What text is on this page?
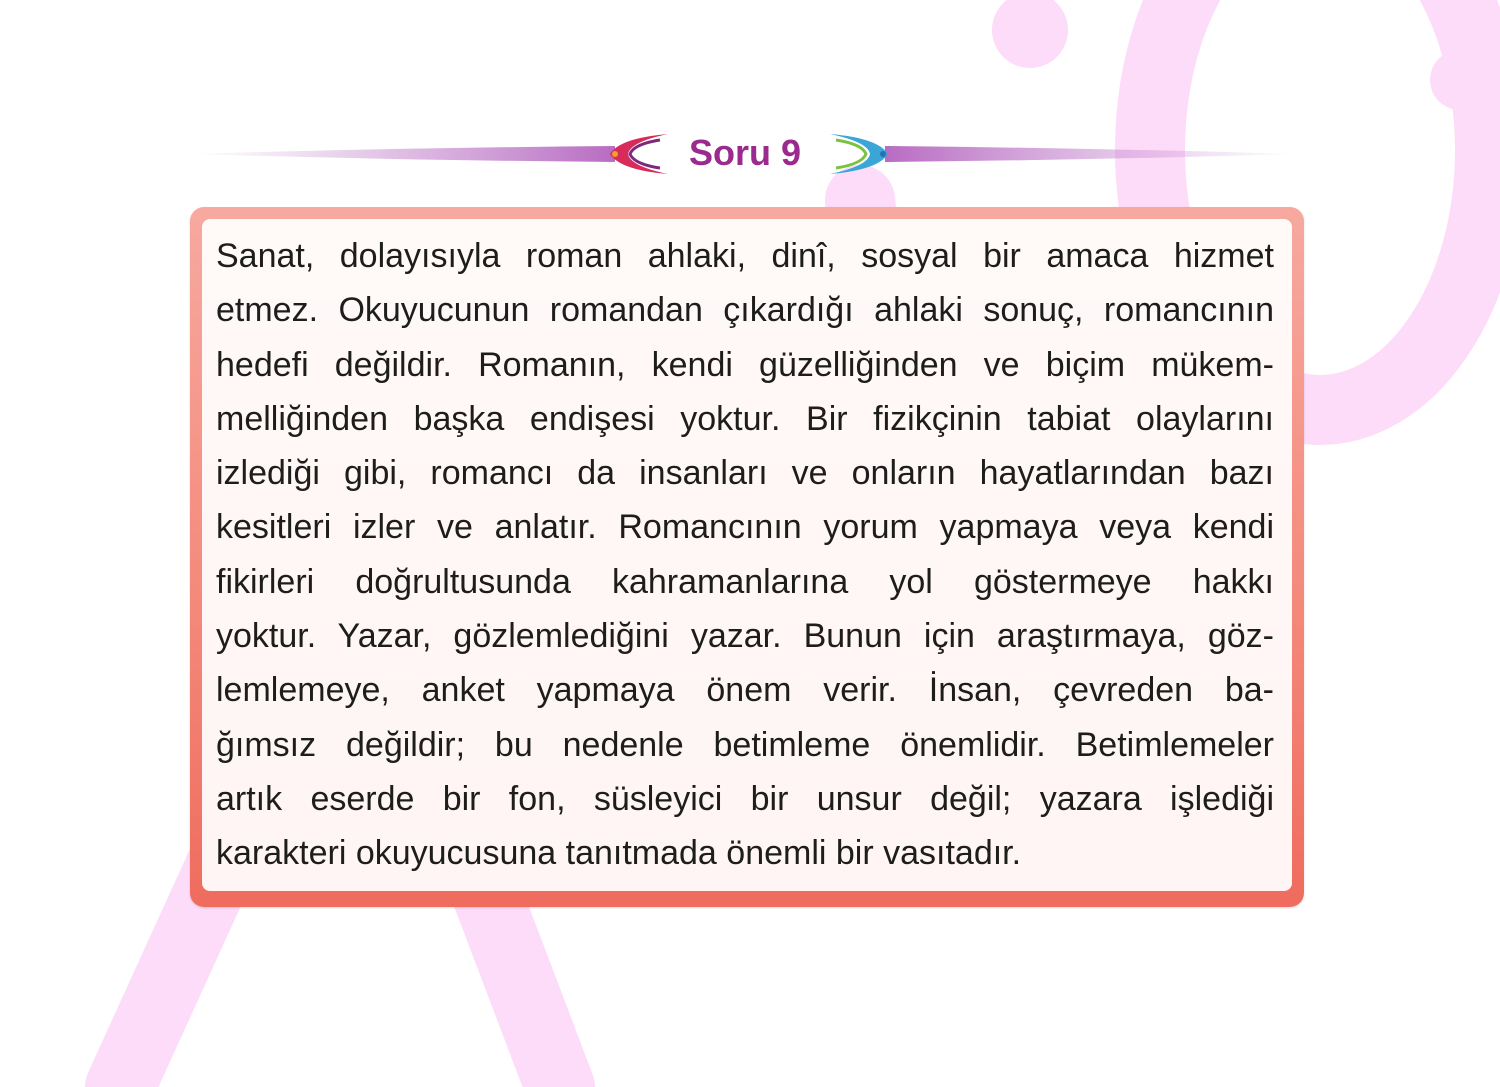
Soru 9
Sanat, dolayısıyla roman ahlaki, dinî, sosyal bir amaca hizmet
etmez. Okuyucunun romandan çıkardığı ahlaki sonuç, romancının
hedefi değildir. Romanın, kendi güzelliğinden ve biçim mükem-
melliğinden başka endişesi yoktur. Bir fizikçinin tabiat olaylarını
izlediği gibi, romancı da insanları ve onların hayatlarından bazı
kesitleri izler ve anlatır. Romancının yorum yapmaya veya kendi
fikirleri doğrultusunda kahramanlarına yol göstermeye hakkı
yoktur. Yazar, gözlemlediğini yazar. Bunun için araştırmaya, göz-
lemlemeye, anket yapmaya önem verir. İnsan, çevreden ba-
ğımsız değildir; bu nedenle betimleme önemlidir. Betimlemeler
artık eserde bir fon, süsleyici bir unsur değil; yazara işlediği
karakteri okuyucusuna tanıtmada önemli bir vasıtadır.
